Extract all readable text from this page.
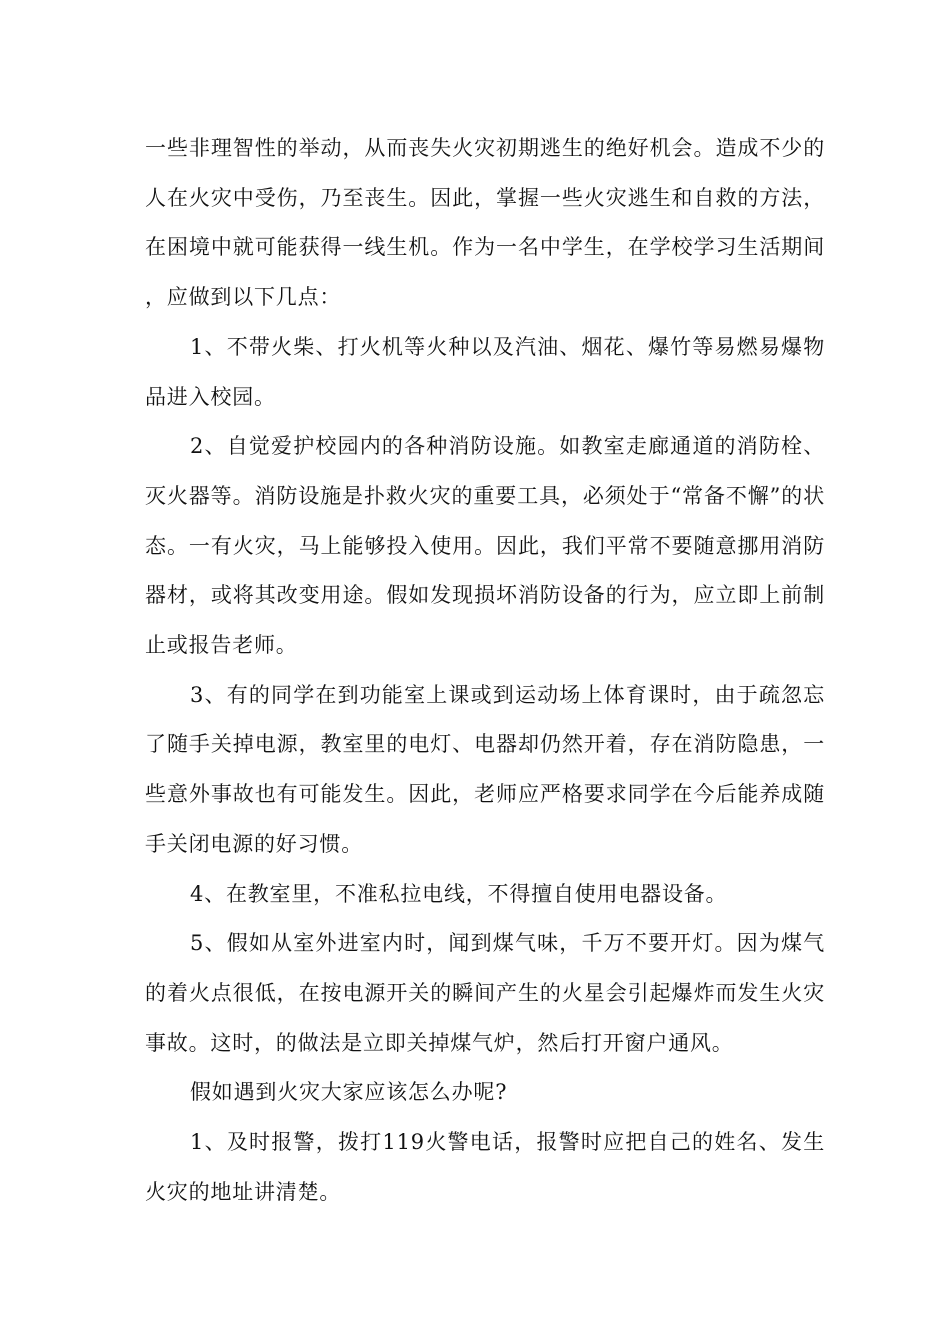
一些非理智性的举动，从而丧失火灾初期逃生的绝好机会。造成不少的人在火灾中受伤，乃至丧生。因此，掌握一些火灾逃生和自救的方法，在困境中就可能获得一线生机。作为一名中学生，在学校学习生活期间，应做到以下几点：

1、不带火柴、打火机等火种以及汽油、烟花、爆竹等易燃易爆物品进入校园。

2、自觉爱护校园内的各种消防设施。如教室走廊通道的消防栓、灭火器等。消防设施是扑救火灾的重要工具，必须处于“常备不懈”的状态。一有火灾，马上能够投入使用。因此，我们平常不要随意挪用消防器材，或将其改变用途。假如发现损坏消防设备的行为，应立即上前制止或报告老师。

3、有的同学在到功能室上课或到运动场上体育课时，由于疏忽忘了随手关掉电源，教室里的电灯、电器却仍然开着，存在消防隐患，一些意外事故也有可能发生。因此，老师应严格要求同学在今后能养成随手关闭电源的好习惯。

4、在教室里，不准私拉电线，不得擅自使用电器设备。

5、假如从室外进室内时，闻到煤气味，千万不要开灯。因为煤气的着火点很低，在按电源开关的瞬间产生的火星会引起爆炸而发生火灾事故。这时，的做法是立即关掉煤气炉，然后打开窗户通风。

假如遇到火灾大家应该怎么办呢?

1、及时报警，拨打119火警电话，报警时应把自己的姓名、发生火灾的地址讲清楚。
